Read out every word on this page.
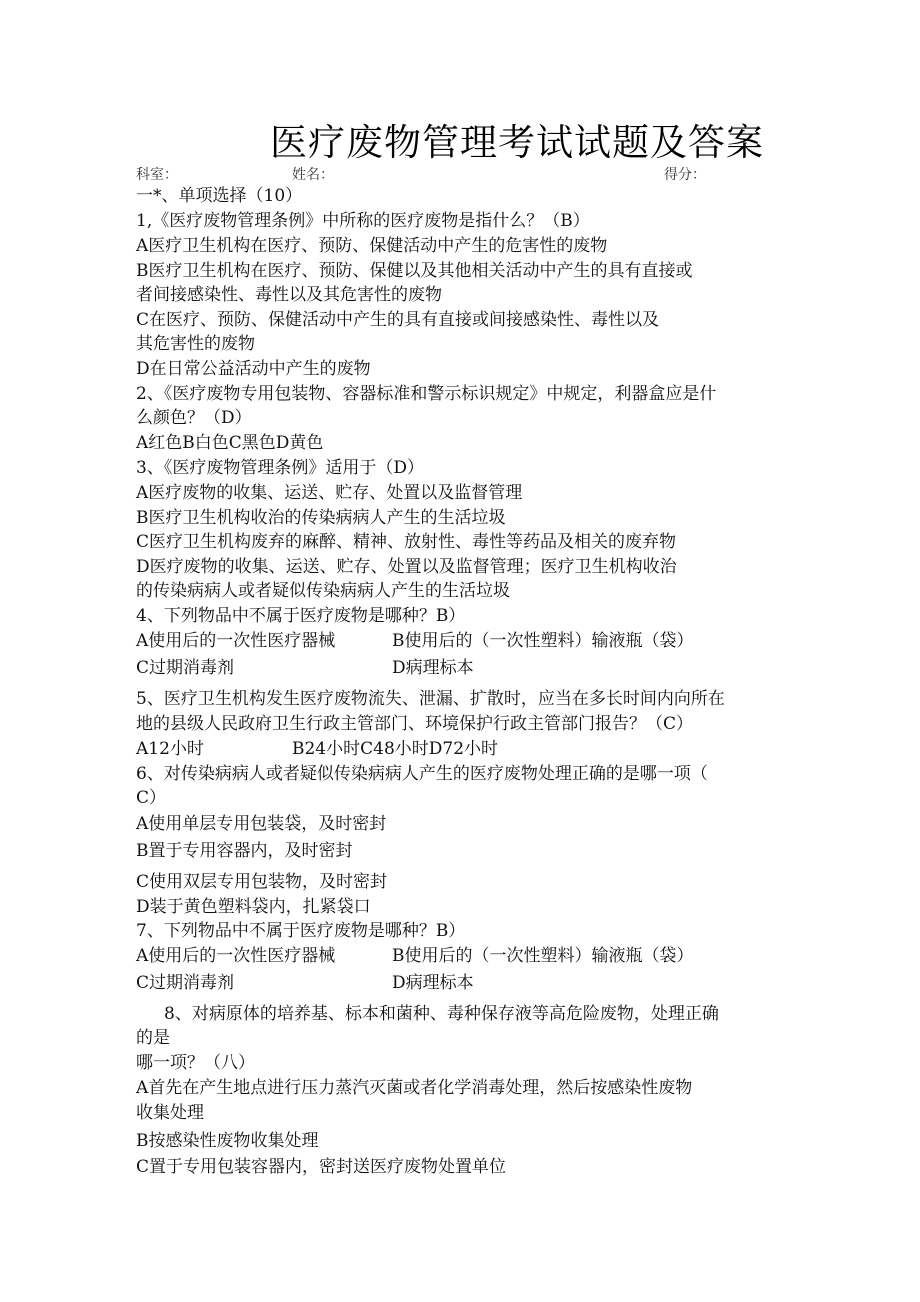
医疗废物管理考试试题及答案
科室：	姓名：	得分：
一*、单项选择（10）
1,《医疗废物管理条例》中所称的医疗废物是指什么？（B）
A医疗卫生机构在医疗、预防、保健活动中产生的危害性的废物
B医疗卫生机构在医疗、预防、保健以及其他相关活动中产生的具有直接或
者间接感染性、毒性以及其危害性的废物
C在医疗、预防、保健活动中产生的具有直接或间接感染性、毒性以及
其危害性的废物
D在日常公益活动中产生的废物
2、《医疗废物专用包装物、容器标准和警示标识规定》中规定，利器盒应是什
么颜色？（D）
A红色B白色C黑色D黄色
3、《医疗废物管理条例》适用于（D）
A医疗废物的收集、运送、贮存、处置以及监督管理
B医疗卫生机构收治的传染病病人产生的生活垃圾
C医疗卫生机构废弃的麻醉、精神、放射性、毒性等药品及相关的废弃物
D医疗废物的收集、运送、贮存、处置以及监督管理；医疗卫生机构收治
的传染病病人或者疑似传染病病人产生的生活垃圾
4、下列物品中不属于医疗废物是哪种？B）
A使用后的一次性医疗器械	B使用后的（一次性塑料）输液瓶（袋）
C过期消毒剂	D病理标本
5、医疗卫生机构发生医疗废物流失、泄漏、扩散时，应当在多长时间内向所在
地的县级人民政府卫生行政主管部门、环境保护行政主管部门报告？（C）
A12小时	B24小时C48小时D72小时
6、对传染病病人或者疑似传染病病人产生的医疗废物处理正确的是哪一项（
C）
A使用单层专用包装袋，及时密封
B置于专用容器内，及时密封
C使用双层专用包装物，及时密封
D装于黄色塑料袋内，扎紧袋口
7、下列物品中不属于医疗废物是哪种？B）
A使用后的一次性医疗器械	B使用后的（一次性塑料）输液瓶（袋）
C过期消毒剂	D病理标本
8、对病原体的培养基、标本和菌种、毒种保存液等高危险废物，处理正确
的是
哪一项？（八）
A首先在产生地点进行压力蒸汽灭菌或者化学消毒处理，然后按感染性废物
收集处理
B按感染性废物收集处理
C置于专用包装容器内，密封送医疗废物处置单位
